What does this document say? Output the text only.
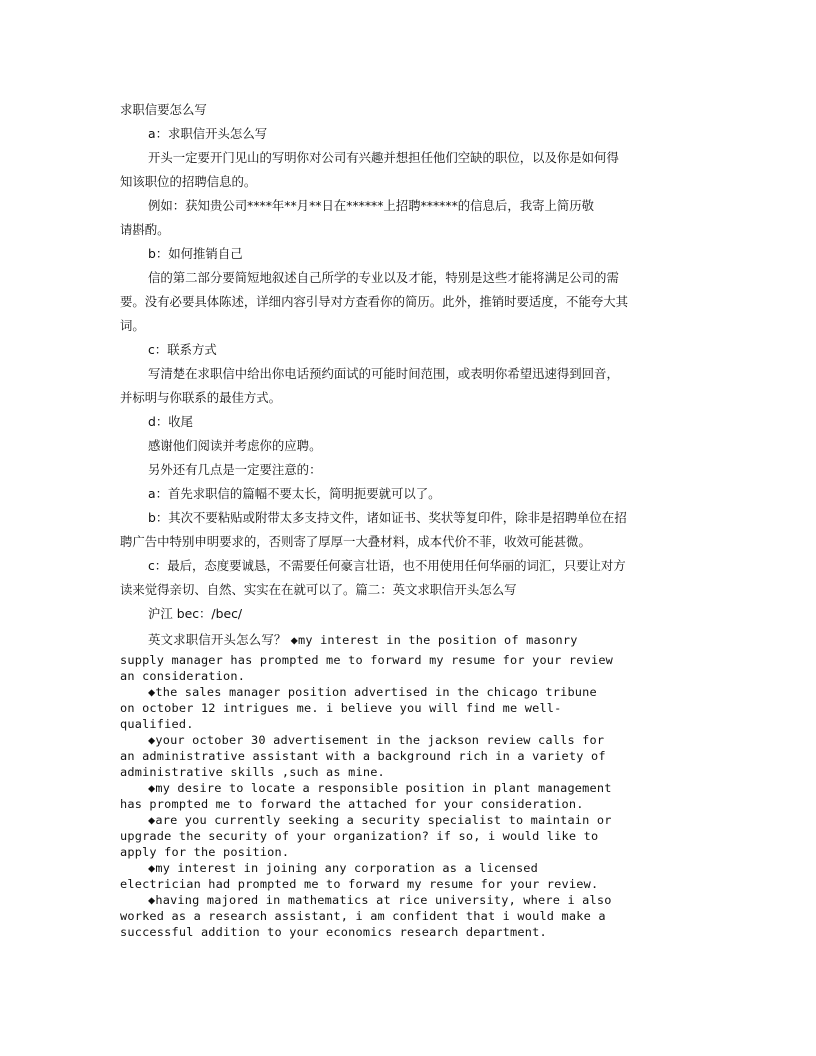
求职信要怎么写

a：求职信开头怎么写

开头一定要开门见山的写明你对公司有兴趣并想担任他们空缺的职位，以及你是如何得

知该职位的招聘信息的。

例如：获知贵公司****年**月**日在******上招聘******的信息后，我寄上简历敬

请斟酌。

b：如何推销自己

信的第二部分要简短地叙述自己所学的专业以及才能，特别是这些才能将满足公司的需

要。没有必要具体陈述，详细内容引导对方查看你的简历。此外，推销时要适度，不能夸大其

词。

c：联系方式

写清楚在求职信中给出你电话预约面试的可能时间范围，或表明你希望迅速得到回音，

并标明与你联系的最佳方式。

d：收尾

感谢他们阅读并考虑你的应聘。

另外还有几点是一定要注意的：

a：首先求职信的篇幅不要太长，简明扼要就可以了。

b：其次不要粘贴或附带太多支持文件，诸如证书、奖状等复印件，除非是招聘单位在招

聘广告中特别申明要求的，否则寄了厚厚一大叠材料，成本代价不菲，收效可能甚微。

c：最后，态度要诚恳，不需要任何豪言壮语，也不用使用任何华丽的词汇，只要让对方

读来觉得亲切、自然、实实在在就可以了。篇二：英文求职信开头怎么写

沪江 bec：/bec/

英文求职信开头怎么写？ ◆my interest in the position of masonry

supply manager has prompted me to forward my resume for your review
an consideration.

◆the sales manager position advertised in the chicago tribune

on october 12 intrigues me. i believe you will find me well-
qualified.

◆your october 30 advertisement in the jackson review calls for

an administrative assistant with a background rich in a variety of
administrative skills ,such as mine.

◆my desire to locate a responsible position in plant management

has prompted me to forward the attached for your consideration.

◆are you currently seeking a security specialist to maintain or

upgrade the security of your organization? if so, i would like to
apply for the position.

◆my interest in joining any corporation as a licensed

electrician had prompted me to forward my resume for your review.

◆having majored in mathematics at rice university, where i also

worked as a research assistant, i am confident that i would make a
successful addition to your economics research department.
